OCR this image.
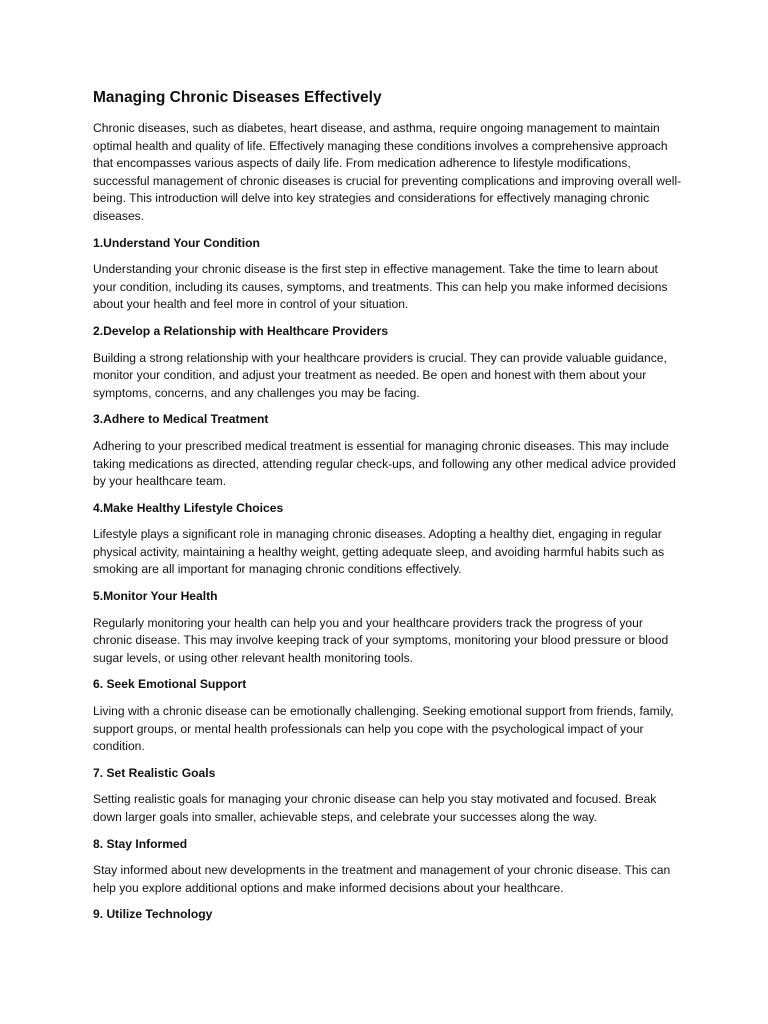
Managing Chronic Diseases Effectively

Chronic diseases, such as diabetes, heart disease, and asthma, require ongoing management to maintain optimal health and quality of life. Effectively managing these conditions involves a comprehensive approach that encompasses various aspects of daily life. From medication adherence to lifestyle modifications, successful management of chronic diseases is crucial for preventing complications and improving overall well-being. This introduction will delve into key strategies and considerations for effectively managing chronic diseases.

1.Understand Your Condition

Understanding your chronic disease is the first step in effective management. Take the time to learn about your condition, including its causes, symptoms, and treatments. This can help you make informed decisions about your health and feel more in control of your situation.

2.Develop a Relationship with Healthcare Providers

Building a strong relationship with your healthcare providers is crucial. They can provide valuable guidance, monitor your condition, and adjust your treatment as needed. Be open and honest with them about your symptoms, concerns, and any challenges you may be facing.

3.Adhere to Medical Treatment

Adhering to your prescribed medical treatment is essential for managing chronic diseases. This may include taking medications as directed, attending regular check-ups, and following any other medical advice provided by your healthcare team.

4.Make Healthy Lifestyle Choices

Lifestyle plays a significant role in managing chronic diseases. Adopting a healthy diet, engaging in regular physical activity, maintaining a healthy weight, getting adequate sleep, and avoiding harmful habits such as smoking are all important for managing chronic conditions effectively.

5.Monitor Your Health

Regularly monitoring your health can help you and your healthcare providers track the progress of your chronic disease. This may involve keeping track of your symptoms, monitoring your blood pressure or blood sugar levels, or using other relevant health monitoring tools.

6. Seek Emotional Support

Living with a chronic disease can be emotionally challenging. Seeking emotional support from friends, family, support groups, or mental health professionals can help you cope with the psychological impact of your condition.

7. Set Realistic Goals

Setting realistic goals for managing your chronic disease can help you stay motivated and focused. Break down larger goals into smaller, achievable steps, and celebrate your successes along the way.

8. Stay Informed

Stay informed about new developments in the treatment and management of your chronic disease. This can help you explore additional options and make informed decisions about your healthcare.

9. Utilize Technology
